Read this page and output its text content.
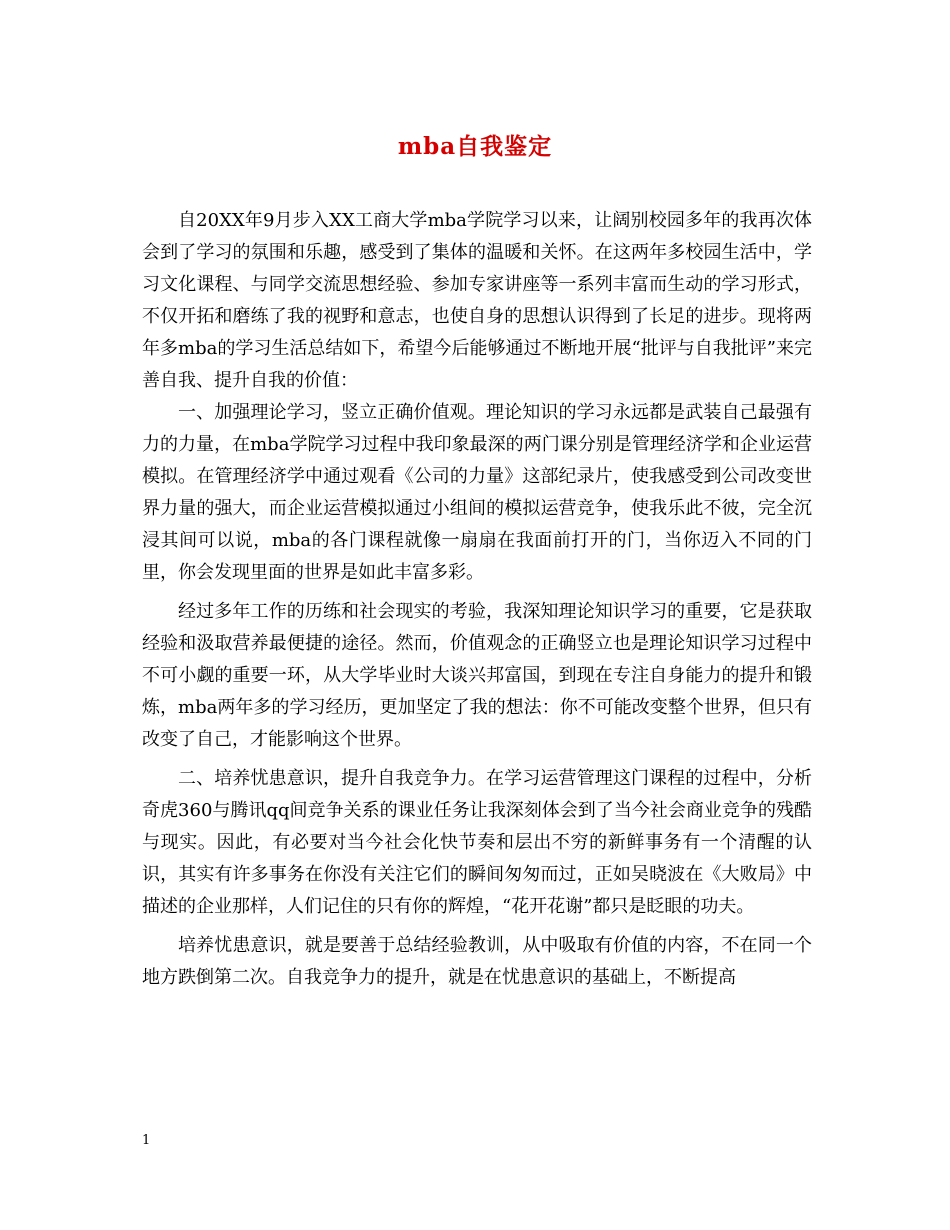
mba自我鉴定

自20XX年9月步入XX工商大学mba学院学习以来，让阔别校园多年的我再次体会到了学习的氛围和乐趣，感受到了集体的温暖和关怀。在这两年多校园生活中，学习文化课程、与同学交流思想经验、参加专家讲座等一系列丰富而生动的学习形式，不仅开拓和磨练了我的视野和意志，也使自身的思想认识得到了长足的进步。现将两年多mba的学习生活总结如下，希望今后能够通过不断地开展“批评与自我批评”来完善自我、提升自我的价值：

一、加强理论学习，竖立正确价值观。理论知识的学习永远都是武装自己最强有力的力量，在mba学院学习过程中我印象最深的两门课分别是管理经济学和企业运营模拟。在管理经济学中通过观看《公司的力量》这部纪录片，使我感受到公司改变世界力量的强大，而企业运营模拟通过小组间的模拟运营竞争，使我乐此不彼，完全沉浸其间可以说，mba的各门课程就像一扇扇在我面前打开的门，当你迈入不同的门里，你会发现里面的世界是如此丰富多彩。

经过多年工作的历练和社会现实的考验，我深知理论知识学习的重要，它是获取经验和汲取营养最便捷的途径。然而，价值观念的正确竖立也是理论知识学习过程中不可小觑的重要一环，从大学毕业时大谈兴邦富国，到现在专注自身能力的提升和锻炼，mba两年多的学习经历，更加坚定了我的想法：你不可能改变整个世界，但只有改变了自己，才能影响这个世界。

二、培养忧患意识，提升自我竞争力。在学习运营管理这门课程的过程中，分析奇虎360与腾讯qq间竞争关系的课业任务让我深刻体会到了当今社会商业竞争的残酷与现实。因此，有必要对当今社会化快节奏和层出不穷的新鲜事务有一个清醒的认识，其实有许多事务在你没有关注它们的瞬间匆匆而过，正如吴晓波在《大败局》中描述的企业那样，人们记住的只有你的辉煌，“花开花谢”都只是眨眼的功夫。

培养忧患意识，就是要善于总结经验教训，从中吸取有价值的内容，不在同一个地方跌倒第二次。自我竞争力的提升，就是在忧患意识的基础上，不断提高

1
